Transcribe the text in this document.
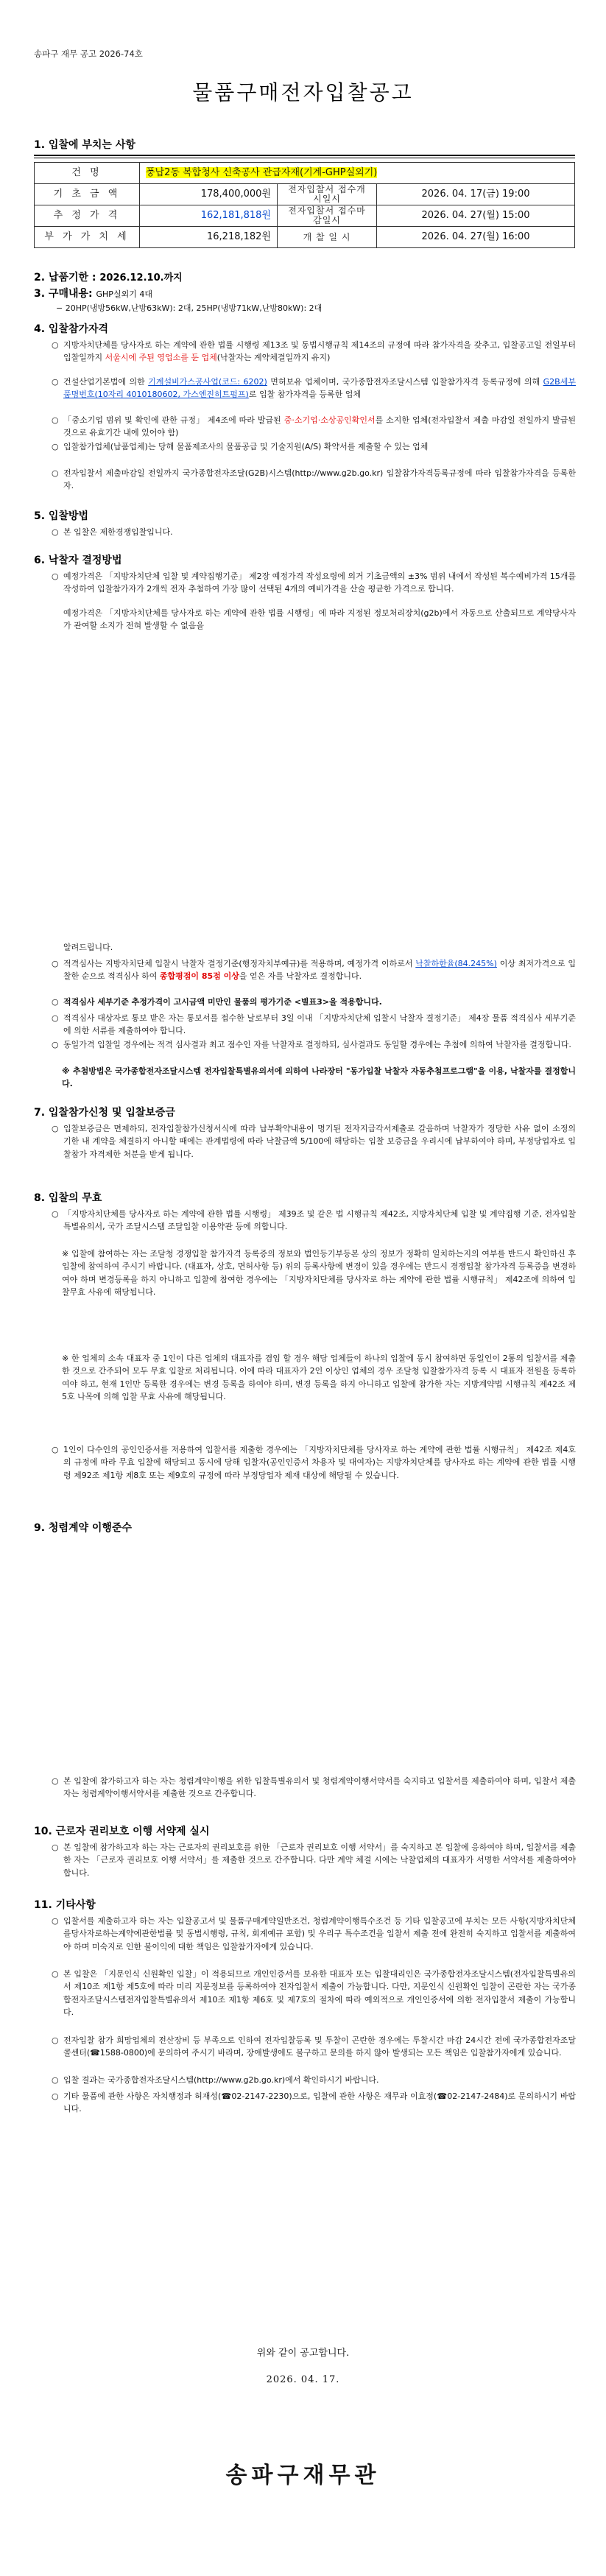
송파구 재무 공고 2026-74호
물품구매전자입찰공고
1. 입찰에 부치는 사항
건 명	풍납2동 복합청사 신축공사 관급자재(기계-GHP실외기)		
기 초 금 액	178,400,000원	전자입찰서 접수개시일시	2026. 04. 17(금) 19:00
추 정 가 격	162,181,818원	전자입찰서 접수마감일시	2026. 04. 27(월) 15:00
부 가 가 치 세	16,218,182원	개 찰 일 시	2026. 04. 27(월) 16:00
2. 납품기한 : 2026.12.10.까지
3. 구매내용: GHP실외기 4대
− 20HP(냉방56kW,난방63kW): 2대, 25HP(냉방71kW,난방80kW): 2대
4. 입찰참가자격
○ 지방자치단체를 당사자로 하는 계약에 관한 법률 시행령 제13조 및 동법시행규칙 제14조의 규정에 따라 참가자격을 갖추고, 입찰공고일 전일부터 입찰일까지 서울시에 주된 영업소를 둔 업체(낙찰자는 계약체결일까지 유지)
○ 건설산업기본법에 의한 기계설비가스공사업(코드: 6202) 면허보유 업체이며, 국가종합전자조달시스템 입찰참가자격 등록규정에 의해 G2B세부품명번호(10자리 4010180602, 가스엔진히트펌프)로 입찰 참가자격을 등록한 업체
○ 「중소기업 범위 및 확인에 관한 규정」 제4조에 따라 발급된 중·소기업·소상공인확인서를 소지한 업체(전자입찰서 제출 마감일 전일까지 발급된 것으로 유효기간 내에 있어야 함)
○ 입찰참가업체(납품업체)는 당해 물품제조사의 물품공급 및 기술지원(A/S) 확약서를 제출할 수 있는 업체
○ 전자입찰서 제출마감일 전일까지 국가종합전자조달(G2B)시스템(http://www.g2b.go.kr) 입찰참가자격등록규정에 따라 입찰참가자격을 등록한 자.
5. 입찰방법
○ 본 입찰은 제한경쟁입찰입니다.
6. 낙찰자 결정방법
○ 예정가격은 「지방자치단체 입찰 및 계약집행기준」 제2장 예정가격 작성요령에 의거 기초금액의 ±3% 범위 내에서 작성된 복수예비가격 15개를 작성하여 입찰참가자가 2개씩 전자 추첨하여 가장 많이 선택된 4개의 예비가격을 산술 평균한 가격으로 합니다.
예정가격은 「지방자치단체를 당사자로 하는 계약에 관한 법률 시행령」에 따라 지정된 정보처리장치(g2b)에서 자동으로 산출되므로 계약당사자가 관여할 소지가 전혀 발생할 수 없음을
알려드립니다.
○ 적격심사는 지방자치단체 입찰시 낙찰자 결정기준(행정자치부예규)를 적용하며, 예정가격 이하로서 낙찰하한율(84.245%) 이상 최저가격으로 입찰한 순으로 적격심사 하여 종합평점이 85점 이상을 얻은 자를 낙찰자로 결정합니다.
○ 적격심사 세부기준 추정가격이 고시금액 미만인 물품의 평가기준 <별표3>을 적용합니다.
○ 적격심사 대상자로 통보 받은 자는 통보서를 접수한 날로부터 3일 이내 「지방자치단체 입찰시 낙찰자 결정기준」 제4장 물품 적격심사 세부기준에 의한 서류를 제출하여야 합니다.
○ 동일가격 입찰일 경우에는 적격 심사결과 최고 점수인 자를 낙찰자로 결정하되, 심사결과도 동일할 경우에는 추첨에 의하여 낙찰자를 결정합니다.
※ 추첨방법은 국가종합전자조달시스템 전자입찰특별유의서에 의하여 나라장터 "동가입찰 낙찰자 자동추첨프로그램"을 이용, 낙찰자를 결정합니다.
7. 입찰참가신청 및 입찰보증금
○ 입찰보증금은 면제하되, 전자입찰참가신청서식에 따라 납부확약내용이 명기된 전자지급각서제출로 갈음하며 낙찰자가 정당한 사유 없이 소정의 기한 내 계약을 체결하지 아니할 때에는 관계법령에 따라 낙찰금액 5/100에 해당하는 입찰 보증금을 우리시에 납부하여야 하며, 부정당업자로 입찰참가 자격제한 처분을 받게 됩니다.
8. 입찰의 무효
○ 「지방자치단체를 당사자로 하는 계약에 관한 법률 시행령」 제39조 및 같은 법 시행규칙 제42조, 지방자치단체 입찰 및 계약집행 기준, 전자입찰 특별유의서, 국가 조달시스템 조달입찰 이용약관 등에 의합니다.
※ 입찰에 참여하는 자는 조달청 경쟁입찰 참가자격 등록증의 정보와 법인등기부등본 상의 정보가 정확히 일치하는지의 여부를 반드시 확인하신 후 입찰에 참여하여 주시기 바랍니다. (대표자, 상호, 면허사항 등) 위의 등록사항에 변경이 있을 경우에는 반드시 경쟁입찰 참가자격 등록증을 변경하여야 하며 변경등록을 하지 아니하고 입찰에 참여한 경우에는 「지방자치단체를 당사자로 하는 계약에 관한 법률 시행규칙」 제42조에 의하여 입찰무효 사유에 해당됩니다.
※ 한 업체의 소속 대표자 중 1인이 다른 업체의 대표자를 겸임 할 경우 해당 업체들이 하나의 입찰에 동시 참여하면 동일인이 2통의 입찰서를 제출한 것으로 간주되어 모두 무효 입찰로 처리됩니다. 이에 따라 대표자가 2인 이상인 업체의 경우 조달청 입찰참가자격 등록 시 대표자 전원을 등록하여야 하고, 현재 1인만 등록한 경우에는 변경 등록을 하여야 하며, 변경 등록을 하지 아니하고 입찰에 참가한 자는 지방계약법 시행규칙 제42조 제5호 나목에 의해 입찰 무효 사유에 해당됩니다.
○ 1인이 다수인의 공인인증서를 저용하여 입찰서를 제출한 경우에는 「지방자치단체를 당사자로 하는 계약에 관한 법률 시행규칙」 제42조 제4호의 규정에 따라 무효 입찰에 해당되고 동시에 당해 입찰자(공인인증서 차용자 및 대여자)는 지방자치단체를 당사자로 하는 계약에 관한 법률 시행령 제92조 제1항 제8호 또는 제9호의 규정에 따라 부정당업자 제재 대상에 해당될 수 있습니다.
9. 청렴계약 이행준수
○ 본 입찰에 참가하고자 하는 자는 청렴계약이행을 위한 입찰특별유의서 및 청렴계약이행서약서를 숙지하고 입찰서를 제출하여야 하며, 입찰서 제출자는 청렴계약이행서약서를 제출한 것으로 간주합니다.
10. 근로자 권리보호 이행 서약제 실시
○ 본 입찰에 참가하고자 하는 자는 근로자의 권리보호를 위한 「근로자 권리보호 이행 서약서」를 숙지하고 본 입찰에 응하여야 하며, 입찰서를 제출한 자는 「근로자 권리보호 이행 서약서」를 제출한 것으로 간주합니다. 다만 계약 체결 시에는 낙찰업체의 대표자가 서명한 서약서를 제출하여야 합니다.
11. 기타사항
○ 입찰서를 제출하고자 하는 자는 입찰공고서 및 물품구매계약일반조건, 청렴계약이행특수조건 등 기타 입찰공고에 부치는 모든 사항(지방자치단체를당사자로하는계약에관한법률 및 동법시행령, 규칙, 회계예규 포함) 및 우리구 특수조건을 입찰서 제출 전에 완전히 숙지하고 입찰서를 제출하여야 하며 미숙지로 인한 불이익에 대한 책임은 입찰참가자에게 있습니다.
○ 본 입찰은 「지문인식 신원확인 입찰」이 적용되므로 개인인증서를 보유한 대표자 또는 입찰대리인은 국가종합전자조달시스템(전자입찰특별유의서 제10조 제1항 제5호에 따라 미리 지문정보를 등록하여야 전자입찰서 제출이 가능합니다. 다만, 지문인식 신원확인 입찰이 곤란한 자는 국가종합전자조달시스템전자입찰특별유의서 제10조 제1항 제6호 및 제7호의 절차에 따라 예외적으로 개인인증서에 의한 전자입찰서 제출이 가능합니다.
○ 전자입찰 참가 희망업체의 전산장비 등 부족으로 인하여 전자입찰등록 및 투찰이 곤란한 경우에는 투찰시간 마감 24시간 전에 국가종합전자조달 콜센터(☎1588-0800)에 문의하여 주시기 바라며, 장애발생에도 불구하고 문의를 하지 않아 발생되는 모든 책임은 입찰참가자에게 있습니다.
○ 입찰 결과는 국가종합전자조달시스템(http://www.g2b.go.kr)에서 확인하시기 바랍니다.
○ 기타 물품에 관한 사항은 자치행정과 허재성(☎02-2147-2230)으로, 입찰에 관한 사항은 재무과 이효정(☎02-2147-2484)로 문의하시기 바랍니다.
위와 같이 공고합니다.
2026. 04. 17.
송파구재무관
